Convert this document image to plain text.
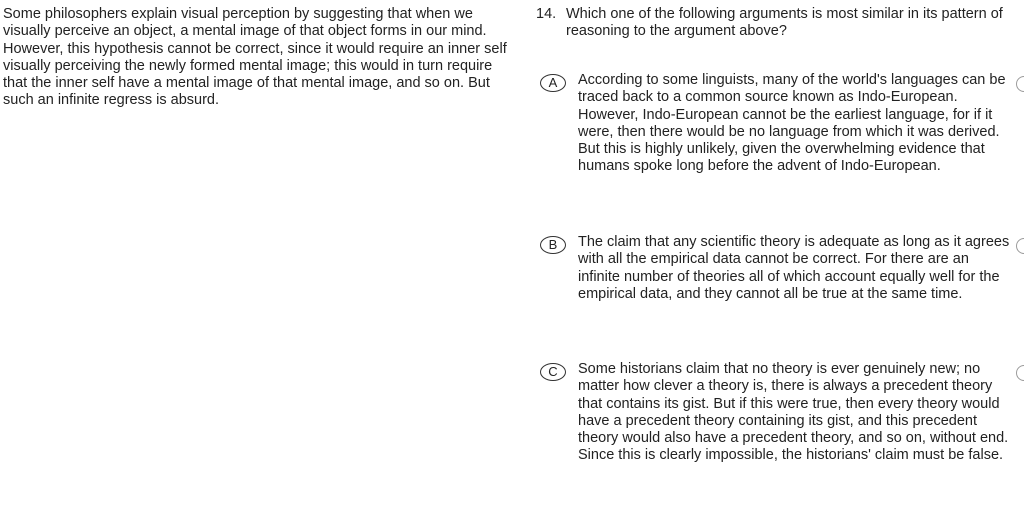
Some philosophers explain visual perception by suggesting that when we visually perceive an object, a mental image of that object forms in our mind. However, this hypothesis cannot be correct, since it would require an inner self visually perceiving the newly formed mental image; this would in turn require that the inner self have a mental image of that mental image, and so on. But such an infinite regress is absurd.

14. Which one of the following arguments is most similar in its pattern of reasoning to the argument above?

A	According to some linguists, many of the world's languages can be traced back to a common source known as Indo-European. However, Indo-European cannot be the earliest language, for if it were, then there would be no language from which it was derived. But this is highly unlikely, given the overwhelming evidence that humans spoke long before the advent of Indo-European.

B	The claim that any scientific theory is adequate as long as it agrees with all the empirical data cannot be correct. For there are an infinite number of theories all of which account equally well for the empirical data, and they cannot all be true at the same time.

C	Some historians claim that no theory is ever genuinely new; no matter how clever a theory is, there is always a precedent theory that contains its gist. But if this were true, then every theory would have a precedent theory containing its gist, and this precedent theory would also have a precedent theory, and so on, without end. Since this is clearly impossible, the historians' claim must be false.
